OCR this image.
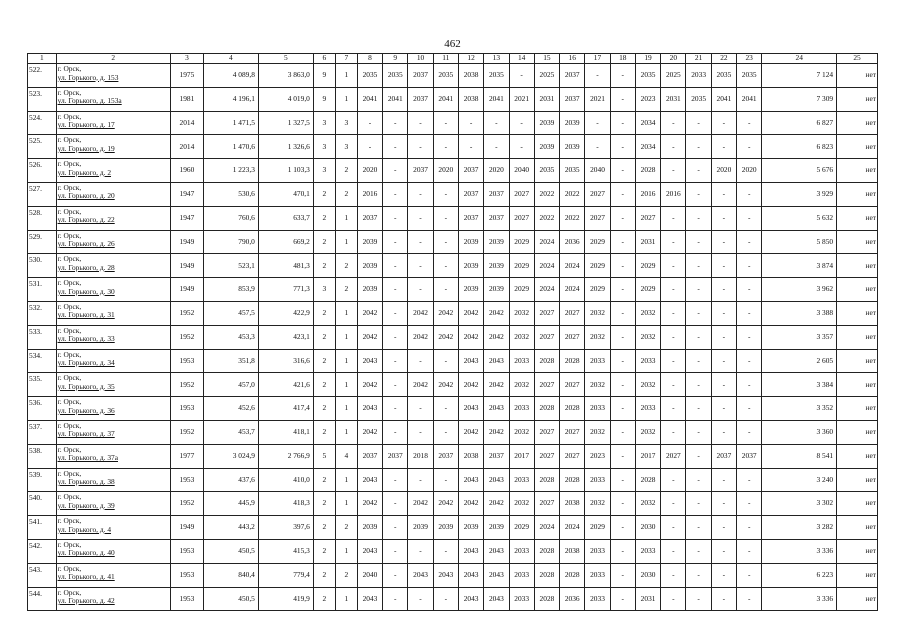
462
1	2	3	4	5	6	7	8	9	10	11	12	13	14	15	16	17	18	19	20	21	22	23	24	25
522.	г. Орск,
ул. Горького, д. 153	1975	4 089,8	3 863,0	9	1	2035	2035	2037	2035	2038	2035	-	2025	2037	-	-	2035	2025	2033	2035	2035	7 124	нет
523.	г. Орск,
ул. Горького, д. 153а	1981	4 196,1	4 019,0	9	1	2041	2041	2037	2041	2038	2041	2021	2031	2037	2021	-	2023	2031	2035	2041	2041	7 309	нет
524.	г. Орск,
ул. Горького, д. 17	2014	1 471,5	1 327,5	3	3	-	-	-	-	-	-	-	2039	2039	-	-	2034	-	-	-	-	6 827	нет
525.	г. Орск,
ул. Горького, д. 19	2014	1 470,6	1 326,6	3	3	-	-	-	-	-	-	-	2039	2039	-	-	2034	-	-	-	-	6 823	нет
526.	г. Орск,
ул. Горького, д. 2	1960	1 223,3	1 103,3	3	2	2020	-	2037	2020	2037	2020	2040	2035	2035	2040	-	2028	-	-	2020	2020	5 676	нет
527.	г. Орск,
ул. Горького, д. 20	1947	530,6	470,1	2	2	2016	-	-	-	2037	2037	2027	2022	2022	2027	-	2016	2016	-	-	-	3 929	нет
528.	г. Орск,
ул. Горького, д. 22	1947	760,6	633,7	2	1	2037	-	-	-	2037	2037	2027	2022	2022	2027	-	2027	-	-	-	-	5 632	нет
529.	г. Орск,
ул. Горького, д. 26	1949	790,0	669,2	2	1	2039	-	-	-	2039	2039	2029	2024	2036	2029	-	2031	-	-	-	-	5 850	нет
530.	г. Орск,
ул. Горького, д. 28	1949	523,1	481,3	2	2	2039	-	-	-	2039	2039	2029	2024	2024	2029	-	2029	-	-	-	-	3 874	нет
531.	г. Орск,
ул. Горького, д. 30	1949	853,9	771,3	3	2	2039	-	-	-	2039	2039	2029	2024	2024	2029	-	2029	-	-	-	-	3 962	нет
532.	г. Орск,
ул. Горького, д. 31	1952	457,5	422,9	2	1	2042	-	2042	2042	2042	2042	2032	2027	2027	2032	-	2032	-	-	-	-	3 388	нет
533.	г. Орск,
ул. Горького, д. 33	1952	453,3	423,1	2	1	2042	-	2042	2042	2042	2042	2032	2027	2027	2032	-	2032	-	-	-	-	3 357	нет
534.	г. Орск,
ул. Горького, д. 34	1953	351,8	316,6	2	1	2043	-	-	-	2043	2043	2033	2028	2028	2033	-	2033	-	-	-	-	2 605	нет
535.	г. Орск,
ул. Горького, д. 35	1952	457,0	421,6	2	1	2042	-	2042	2042	2042	2042	2032	2027	2027	2032	-	2032	-	-	-	-	3 384	нет
536.	г. Орск,
ул. Горького, д. 36	1953	452,6	417,4	2	1	2043	-	-	-	2043	2043	2033	2028	2028	2033	-	2033	-	-	-	-	3 352	нет
537.	г. Орск,
ул. Горького, д. 37	1952	453,7	418,1	2	1	2042	-	-	-	2042	2042	2032	2027	2027	2032	-	2032	-	-	-	-	3 360	нет
538.	г. Орск,
ул. Горького, д. 37а	1977	3 024,9	2 766,9	5	4	2037	2037	2018	2037	2038	2037	2017	2027	2027	2023	-	2017	2027	-	2037	2037	8 541	нет
539.	г. Орск,
ул. Горького, д. 38	1953	437,6	410,0	2	1	2043	-	-	-	2043	2043	2033	2028	2028	2033	-	2028	-	-	-	-	3 240	нет
540.	г. Орск,
ул. Горького, д. 39	1952	445,9	418,3	2	1	2042	-	2042	2042	2042	2042	2032	2027	2038	2032	-	2032	-	-	-	-	3 302	нет
541.	г. Орск,
ул. Горького, д. 4	1949	443,2	397,6	2	2	2039	-	2039	2039	2039	2039	2029	2024	2024	2029	-	2030	-	-	-	-	3 282	нет
542.	г. Орск,
ул. Горького, д. 40	1953	450,5	415,3	2	1	2043	-	-	-	2043	2043	2033	2028	2038	2033	-	2033	-	-	-	-	3 336	нет
543.	г. Орск,
ул. Горького, д. 41	1953	840,4	779,4	2	2	2040	-	2043	2043	2043	2043	2033	2028	2028	2033	-	2030	-	-	-	-	6 223	нет
544.	г. Орск,
ул. Горького, д. 42	1953	450,5	419,9	2	1	2043	-	-	-	2043	2043	2033	2028	2036	2033	-	2031	-	-	-	-	3 336	нет
